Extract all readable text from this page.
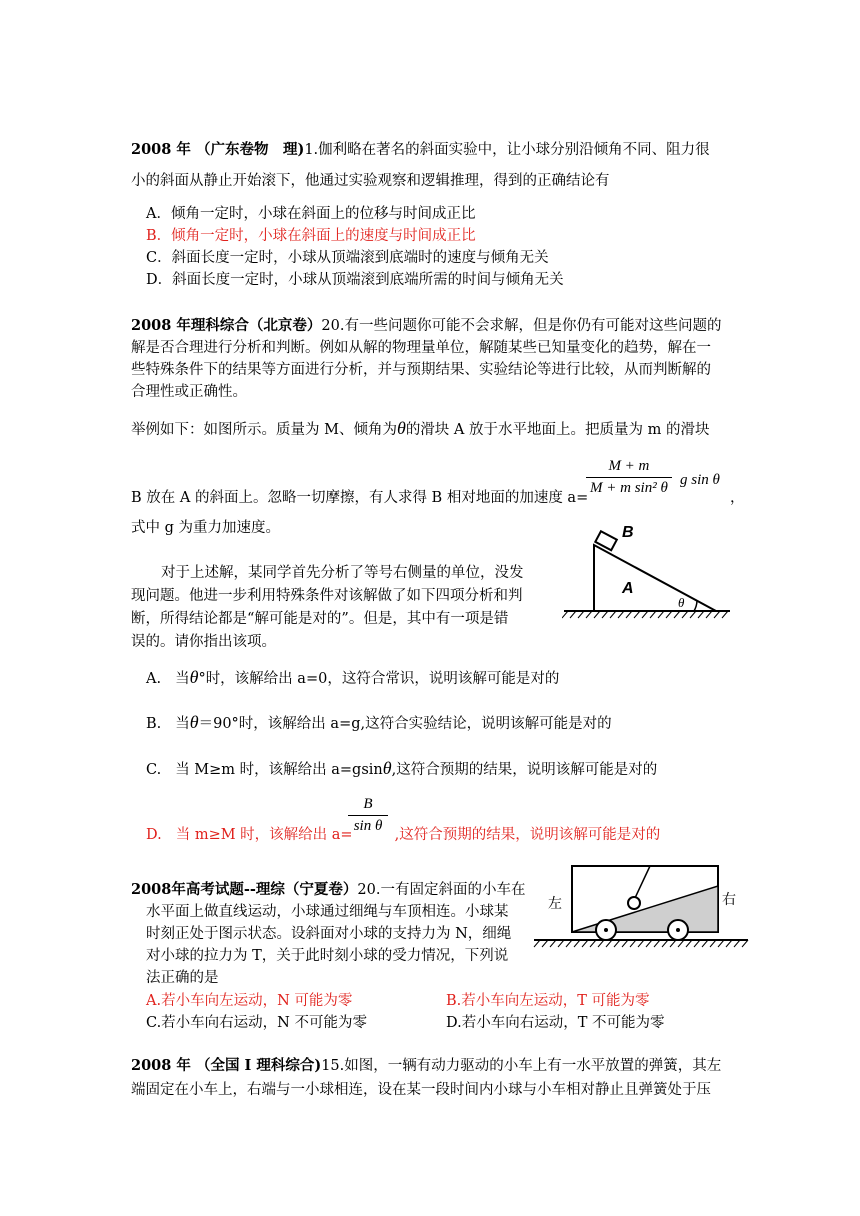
2008 年 （广东卷物　理)1.伽利略在著名的斜面实验中，让小球分别沿倾角不同、阻力很
小的斜面从静止开始滚下，他通过实验观察和逻辑推理，得到的正确结论有
A．倾角一定时，小球在斜面上的位移与时间成正比
B．倾角一定时，小球在斜面上的速度与时间成正比
C．斜面长度一定时，小球从顶端滚到底端时的速度与倾角无关
D．斜面长度一定时，小球从顶端滚到底端所需的时间与倾角无关
2008 年理科综合（北京卷）20.有一些问题你可能不会求解，但是你仍有可能对这些问题的
解是否合理进行分析和判断。例如从解的物理量单位，解随某些已知量变化的趋势，解在一
些特殊条件下的结果等方面进行分析，并与预期结果、实验结论等进行比较，从而判断解的
合理性或正确性。
举例如下：如图所示。质量为 M、倾角为θ的滑块 A 放于水平地面上。把质量为 m 的滑块
B 放在 A 的斜面上。忽略一切摩擦，有人求得 B 相对地面的加速度 a=
M + m
M + m sin² θ g sin θ
，
式中 g 为重力加速度。	B
A
θ
对于上述解，某同学首先分析了等号右侧量的单位，没发
现问题。他进一步利用特殊条件对该解做了如下四项分析和判
断，所得结论都是“解可能是对的”。但是，其中有一项是错
误的。请你指出该项。
A. 当θ°时，该解给出 a=0，这符合常识，说明该解可能是对的
B. 当θ＝90°时，该解给出 a=g,这符合实验结论，说明该解可能是对的
C. 当 M≥m 时，该解给出 a=gsinθ,这符合预期的结果，说明该解可能是对的
D. 当 m≥M 时，该解给出 a=	,这符合预期的结果，说明该解可能是对的
B
sin θ
2008年高考试题--理综（宁夏卷）20.一有固定斜面的小车在
水平面上做直线运动，小球通过细绳与车顶相连。小球某
时刻正处于图示状态。设斜面对小球的支持力为 N，细绳
对小球的拉力为 T，关于此时刻小球的受力情况，下列说
法正确的是
左	右
A.若小车向左运动，N 可能为零	B.若小车向左运动，T 可能为零
C.若小车向右运动，N 不可能为零	D.若小车向右运动，T 不可能为零
2008 年 （全国 I 理科综合)15.如图，一辆有动力驱动的小车上有一水平放置的弹簧，其左
端固定在小车上，右端与一小球相连，设在某一段时间内小球与小车相对静止且弹簧处于压
